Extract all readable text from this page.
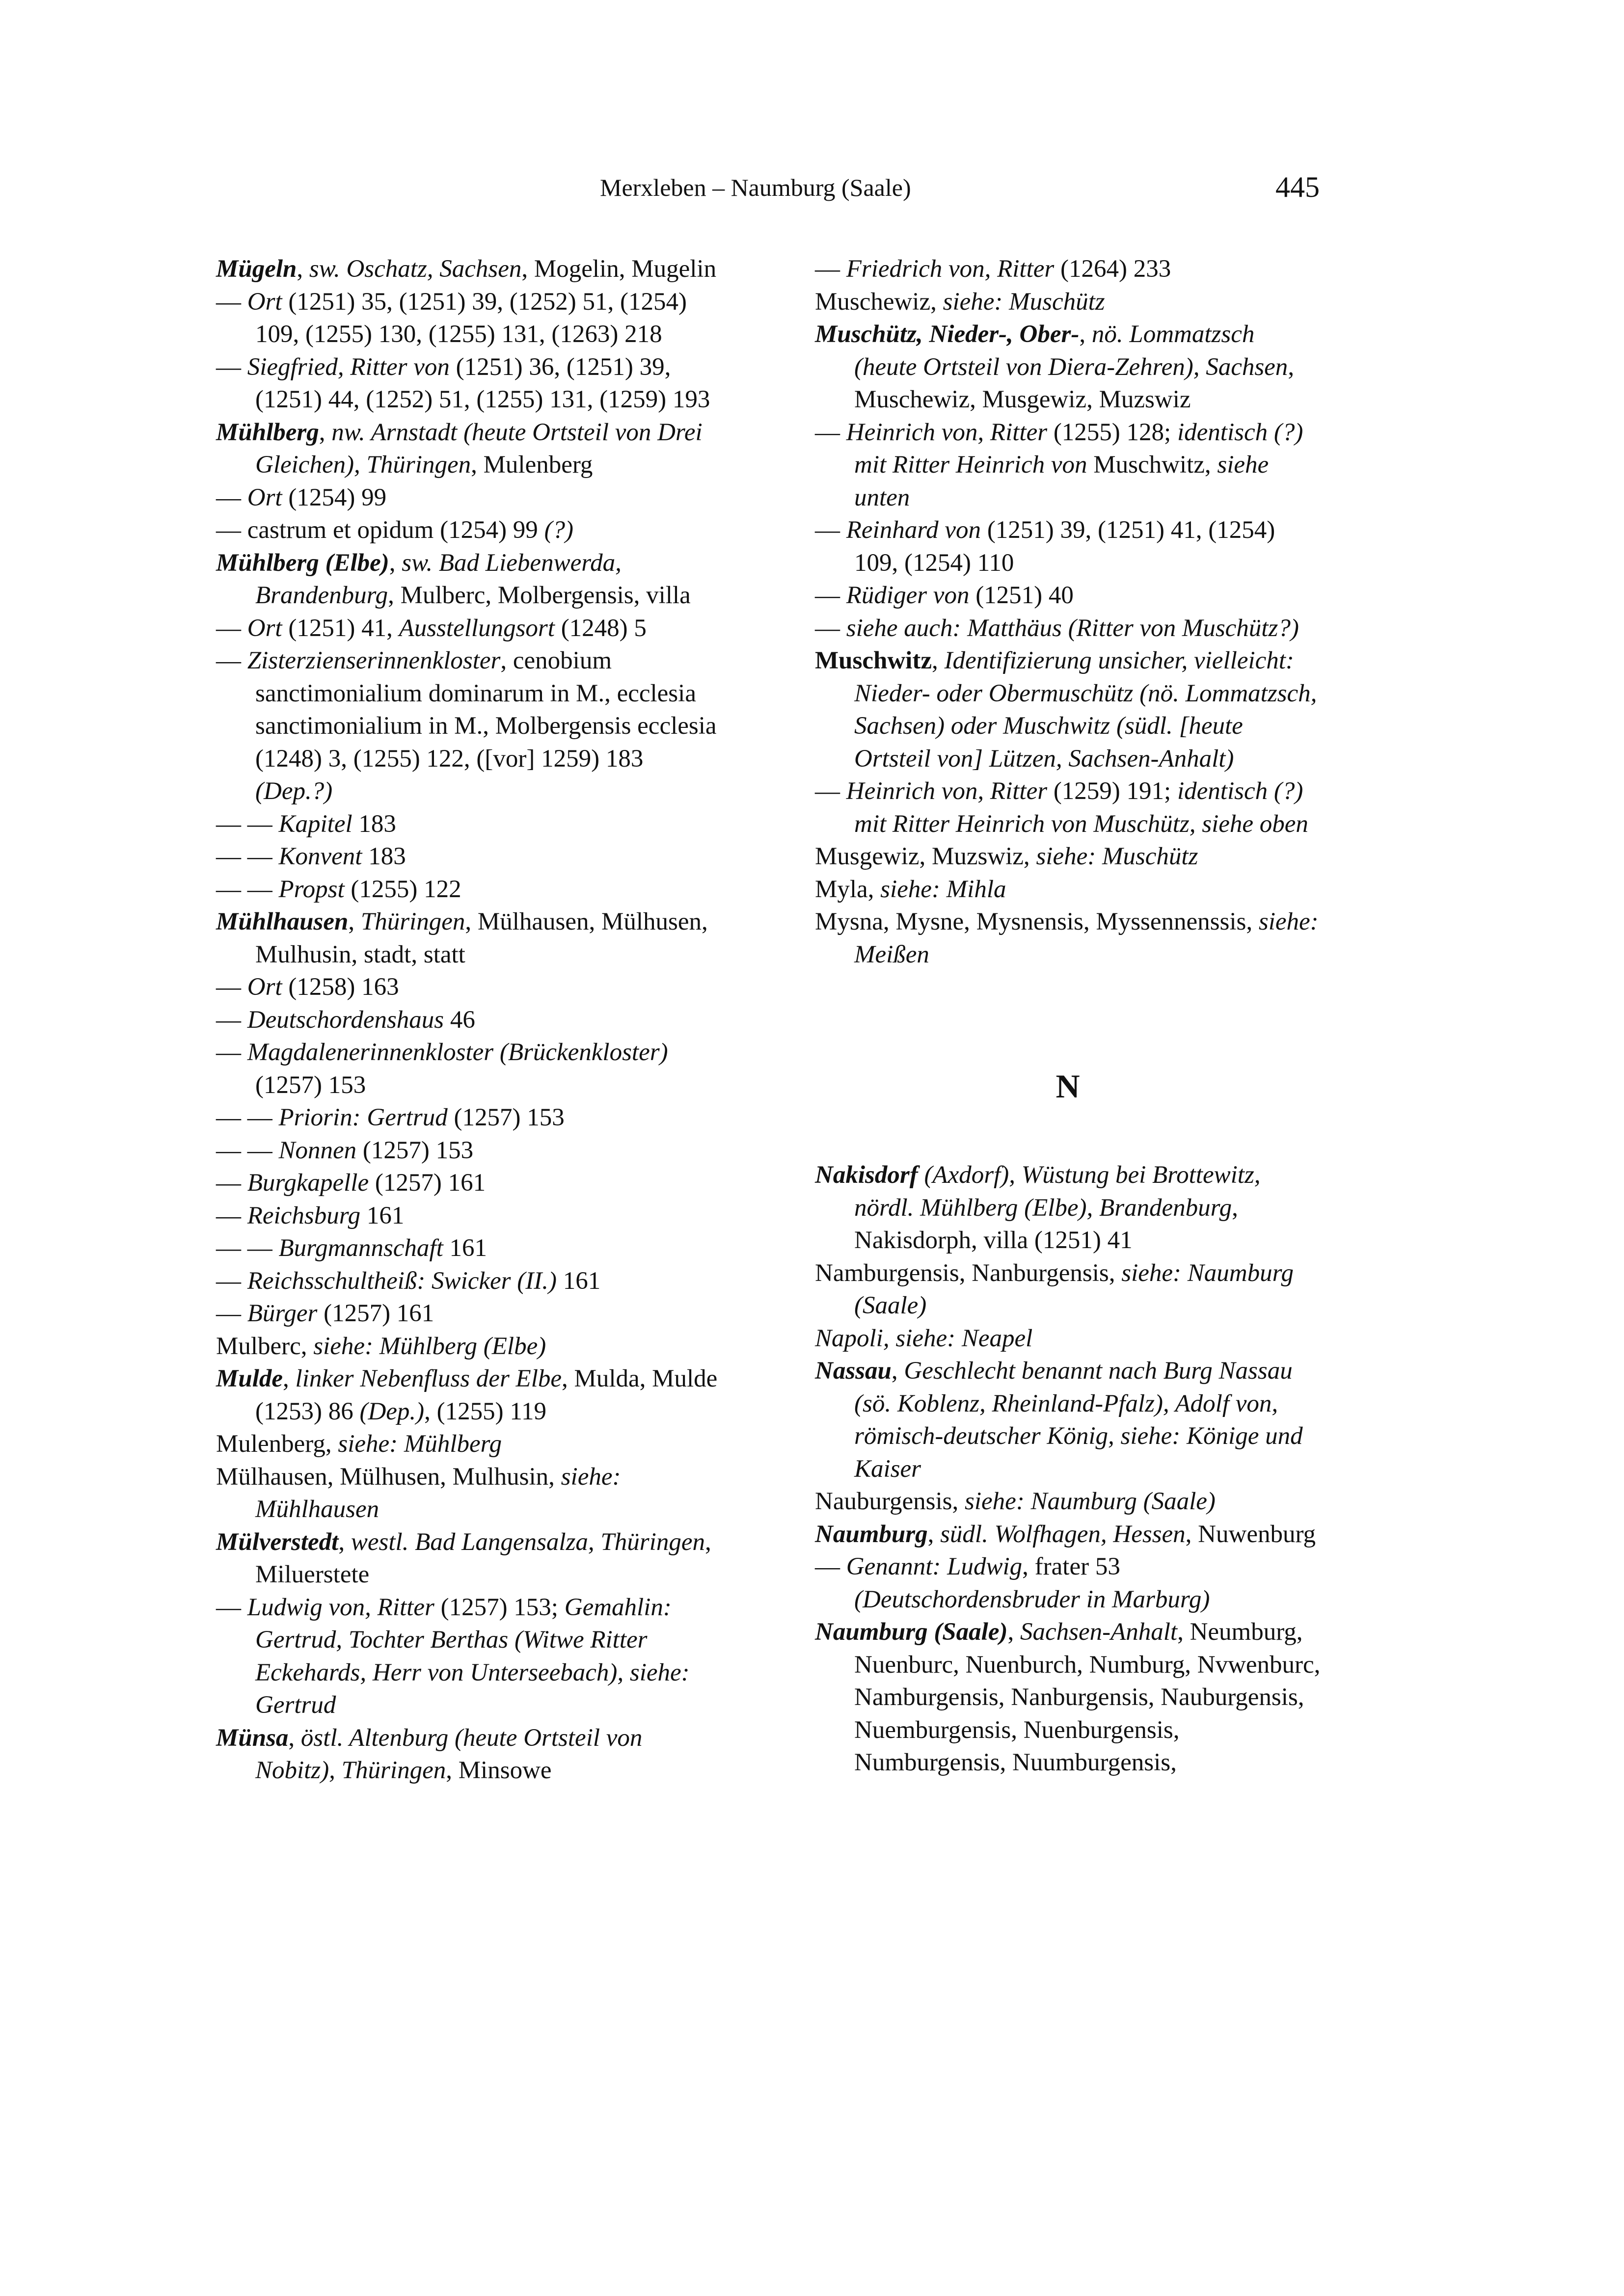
Merxleben – Naumburg (Saale)	445

Mügeln, sw. Oschatz, Sachsen, Mogelin, Mugelin

— Ort (1251) 35, (1251) 39, (1252) 51, (1254) 109, (1255) 130, (1255) 131, (1263) 218

— Siegfried, Ritter von (1251) 36, (1251) 39, (1251) 44, (1252) 51, (1255) 131, (1259) 193

Mühlberg, nw. Arnstadt (heute Ortsteil von Drei Gleichen), Thüringen, Mulenberg

— Ort (1254) 99

— castrum et opidum (1254) 99 (?)

Mühlberg (Elbe), sw. Bad Liebenwerda, Brandenburg, Mulberc, Molbergensis, villa

— Ort (1251) 41, Ausstellungsort (1248) 5

— Zisterzienserinnenkloster, cenobium sanctimonialium dominarum in M., ecclesia sanctimonialium in M., Molbergensis ecclesia (1248) 3, (1255) 122, ([vor] 1259) 183 (Dep.?)

— — Kapitel 183

— — Konvent 183

— — Propst (1255) 122

Mühlhausen, Thüringen, Mülhausen, Mülhusen, Mulhusin, stadt, statt

— Ort (1258) 163

— Deutschordenshaus 46

— Magdalenerinnenkloster (Brückenkloster) (1257) 153

— — Priorin: Gertrud (1257) 153

— — Nonnen (1257) 153

— Burgkapelle (1257) 161

— Reichsburg 161

— — Burgmannschaft 161

— Reichsschultheiß: Swicker (II.) 161

— Bürger (1257) 161

Mulberc, siehe: Mühlberg (Elbe)

Mulde, linker Nebenfluss der Elbe, Mulda, Mulde (1253) 86 (Dep.), (1255) 119

Mulenberg, siehe: Mühlberg

Mülhausen, Mülhusen, Mulhusin, siehe: Mühlhausen

Mülverstedt, westl. Bad Langensalza, Thüringen, Miluerstete

— Ludwig von, Ritter (1257) 153; Gemahlin: Gertrud, Tochter Berthas (Witwe Ritter Eckehards, Herr von Unterseebach), siehe: Gertrud

Münsa, östl. Altenburg (heute Ortsteil von Nobitz), Thüringen, Minsowe

— Friedrich von, Ritter (1264) 233

Muschewiz, siehe: Muschütz

Muschütz, Nieder-, Ober-, nö. Lommatzsch (heute Ortsteil von Diera-Zehren), Sachsen, Muschewiz, Musgewiz, Muzswiz

— Heinrich von, Ritter (1255) 128; identisch (?) mit Ritter Heinrich von Muschwitz, siehe unten

— Reinhard von (1251) 39, (1251) 41, (1254) 109, (1254) 110

— Rüdiger von (1251) 40

— siehe auch: Matthäus (Ritter von Muschütz?)

Muschwitz, Identifizierung unsicher, vielleicht: Nieder- oder Obermuschütz (nö. Lommatzsch, Sachsen) oder Muschwitz (südl. [heute Ortsteil von] Lützen, Sachsen-Anhalt)

— Heinrich von, Ritter (1259) 191; identisch (?) mit Ritter Heinrich von Muschütz, siehe oben

Musgewiz, Muzswiz, siehe: Muschütz

Myla, siehe: Mihla

Mysna, Mysne, Mysnensis, Myssennenssis, siehe: Meißen

N

Nakisdorf (Axdorf), Wüstung bei Brottewitz, nördl. Mühlberg (Elbe), Brandenburg, Nakisdorph, villa (1251) 41

Namburgensis, Nanburgensis, siehe: Naumburg (Saale)

Napoli, siehe: Neapel

Nassau, Geschlecht benannt nach Burg Nassau (sö. Koblenz, Rheinland-Pfalz), Adolf von, römisch-deutscher König, siehe: Könige und Kaiser

Nauburgensis, siehe: Naumburg (Saale)

Naumburg, südl. Wolfhagen, Hessen, Nuwenburg

— Genannt: Ludwig, frater 53 (Deutschordensbruder in Marburg)

Naumburg (Saale), Sachsen-Anhalt, Neumburg, Nuenburc, Nuenburch, Numburg, Nvwenburc, Namburgensis, Nanburgensis, Nauburgensis, Nuemburgensis, Nuenburgensis, Numburgensis, Nuumburgensis,
